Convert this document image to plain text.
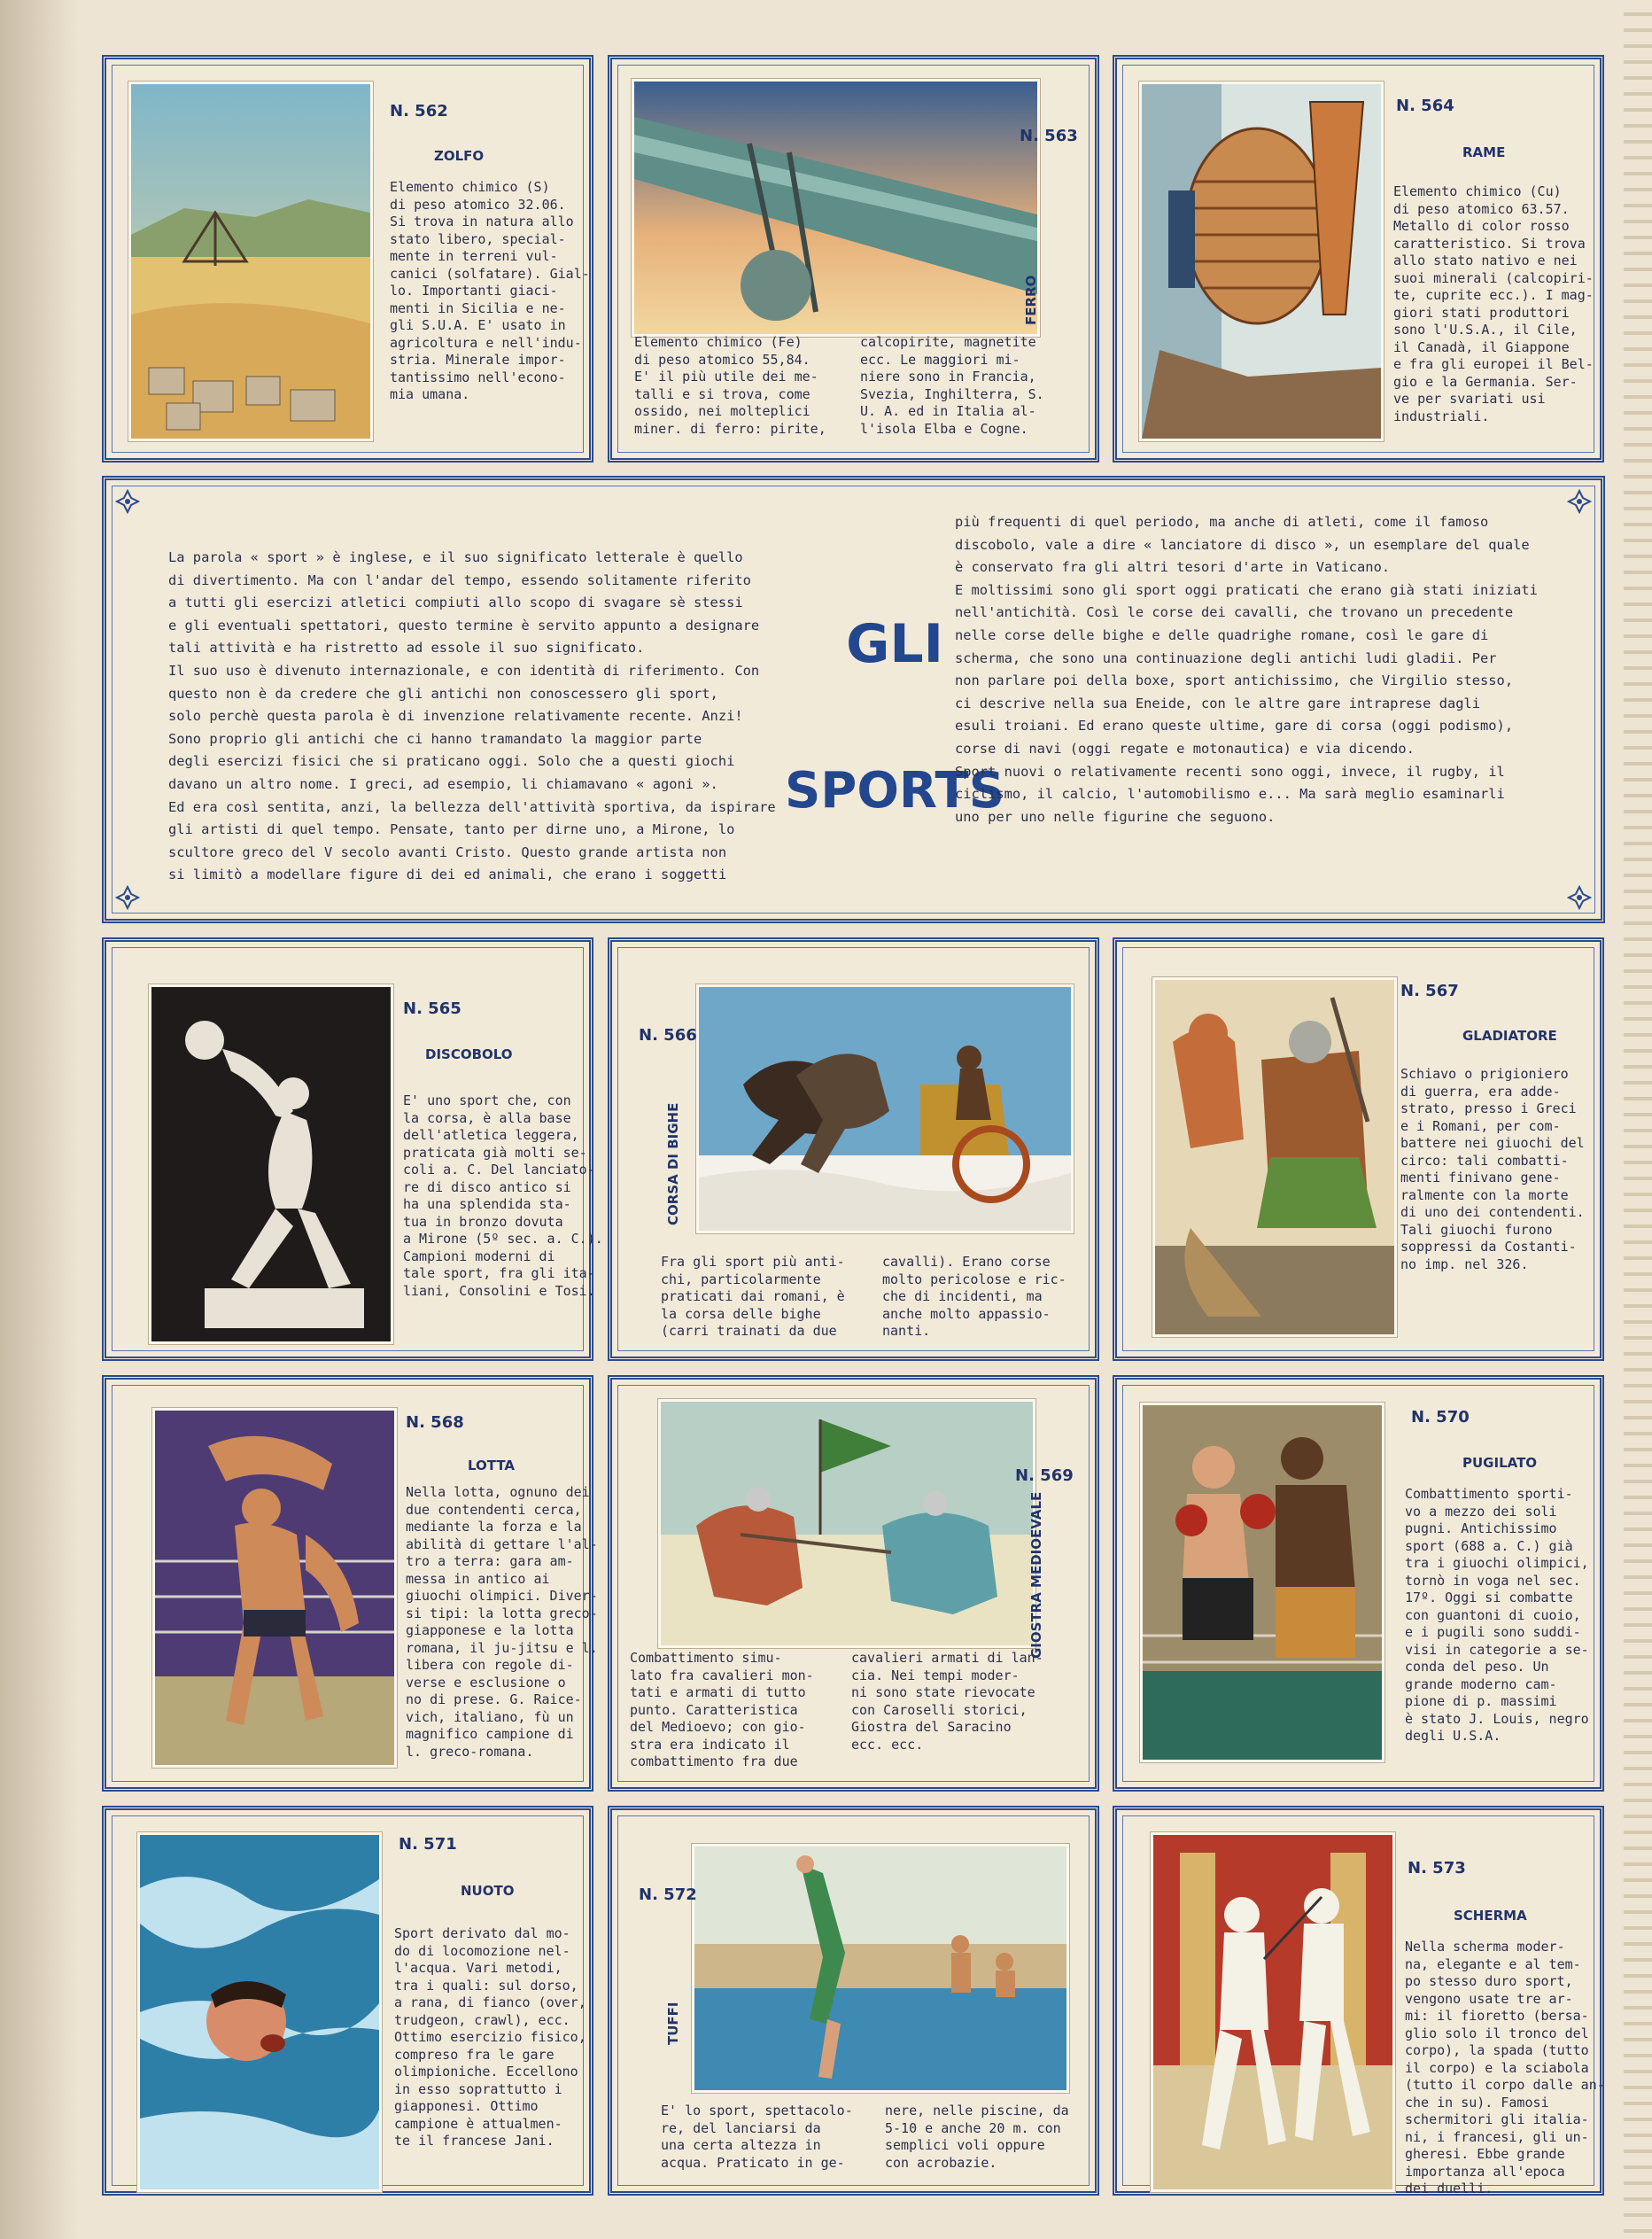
N. 562
ZOLFO
Elemento chimico (S)
di peso atomico 32.06.
Si trova in natura allo
stato libero, special-
mente in terreni vul-
canici (solfatare). Gial-
lo. Importanti giaci-
menti in Sicilia e ne-
gli S.U.A. E' usato in
agricoltura e nell'indu-
stria. Minerale impor-
tantissimo nell'econo-
mia umana.
N. 563
FERRO
Elemento chimico (Fe)
di peso atomico 55,84.
E' il più utile dei me-
talli e si trova, come
ossido, nei molteplici
miner. di ferro: pirite,
calcopirite, magnetite
ecc. Le maggiori mi-
niere sono in Francia,
Svezia, Inghilterra, S.
U. A. ed in Italia al-
l'isola Elba e Cogne.
N. 564
RAME
Elemento chimico (Cu)
di peso atomico 63.57.
Metallo di color rosso
caratteristico. Si trova
allo stato nativo e nei
suoi minerali (calcopiri-
te, cuprite ecc.). I mag-
giori stati produttori
sono l'U.S.A., il Cile,
il Canadà, il Giappone
e fra gli europei il Bel-
gio e la Germania. Ser-
ve per svariati usi
industriali.
La parola « sport » è inglese, e il suo significato letterale è quello
di divertimento. Ma con l'andar del tempo, essendo solitamente riferito
a tutti gli esercizi atletici compiuti allo scopo di svagare sè stessi
e gli eventuali spettatori, questo termine è servito appunto a designare
tali attività e ha ristretto ad essole il suo significato.
Il suo uso è divenuto internazionale, e con identità di riferimento. Con
questo non è da credere che gli antichi non conoscessero gli sport,
solo perchè questa parola è di invenzione relativamente recente. Anzi!
Sono proprio gli antichi che ci hanno tramandato la maggior parte
degli esercizi fisici che si praticano oggi. Solo che a questi giochi
davano un altro nome. I greci, ad esempio, li chiamavano « agoni ».
Ed era così sentita, anzi, la bellezza dell'attività sportiva, da ispirare
gli artisti di quel tempo. Pensate, tanto per dirne uno, a Mirone, lo
scultore greco del V secolo avanti Cristo. Questo grande artista non
si limitò a modellare figure di dei ed animali, che erano i soggetti
GLI
SPORTS
più frequenti di quel periodo, ma anche di atleti, come il famoso
discobolo, vale a dire « lanciatore di disco », un esemplare del quale
è conservato fra gli altri tesori d'arte in Vaticano.
E moltissimi sono gli sport oggi praticati che erano già stati iniziati
nell'antichità. Così le corse dei cavalli, che trovano un precedente
nelle corse delle bighe e delle quadrighe romane, così le gare di
scherma, che sono una continuazione degli antichi ludi gladii. Per
non parlare poi della boxe, sport antichissimo, che Virgilio stesso,
ci descrive nella sua Eneide, con le altre gare intraprese dagli
esuli troiani. Ed erano queste ultime, gare di corsa (oggi podismo),
corse di navi (oggi regate e motonautica) e via dicendo.
Sport nuovi o relativamente recenti sono oggi, invece, il rugby, il
ciclismo, il calcio, l'automobilismo e... Ma sarà meglio esaminarli
uno per uno nelle figurine che seguono.
N. 565
DISCOBOLO
E' uno sport che, con
la corsa, è alla base
dell'atletica leggera,
praticata già molti se-
coli a. C. Del lanciato-
re di disco antico si
ha una splendida sta-
tua in bronzo dovuta
a Mirone (5º sec. a. C.).
Campioni moderni di
tale sport, fra gli ita-
liani, Consolini e Tosi.
N. 566
CORSA DI BIGHE
Fra gli sport più anti-
chi, particolarmente
praticati dai romani, è
la corsa delle bighe
(carri trainati da due
cavalli). Erano corse
molto pericolose e ric-
che di incidenti, ma
anche molto appassio-
nanti.
N. 567
GLADIATORE
Schiavo o prigioniero
di guerra, era adde-
strato, presso i Greci
e i Romani, per com-
battere nei giuochi del
circo: tali combatti-
menti finivano gene-
ralmente con la morte
di uno dei contendenti.
Tali giuochi furono
soppressi da Costanti-
no imp. nel 326.
N. 568
LOTTA
Nella lotta, ognuno dei
due contendenti cerca,
mediante la forza e la
abilità di gettare l'al-
tro a terra: gara am-
messa in antico ai
giuochi olimpici. Diver-
si tipi: la lotta greco-
giapponese e la lotta
romana, il ju-jitsu e l.
libera con regole di-
verse e esclusione o
no di prese. G. Raice-
vich, italiano, fù un
magnifico campione di
l. greco-romana.
N. 569
GIOSTRA MEDIOEVALE
Combattimento simu-
lato fra cavalieri mon-
tati e armati di tutto
punto. Caratteristica
del Medioevo; con gio-
stra era indicato il
combattimento fra due
cavalieri armati di lan-
cia. Nei tempi moder-
ni sono state rievocate
con Caroselli storici,
Giostra del Saracino
ecc. ecc.
N. 570
PUGILATO
Combattimento sporti-
vo a mezzo dei soli
pugni. Antichissimo
sport (688 a. C.) già
tra i giuochi olimpici,
tornò in voga nel sec.
17º. Oggi si combatte
con guantoni di cuoio,
e i pugili sono suddi-
visi in categorie a se-
conda del peso. Un
grande moderno cam-
pione di p. massimi
è stato J. Louis, negro
degli U.S.A.
N. 571
NUOTO
Sport derivato dal mo-
do di locomozione nel-
l'acqua. Vari metodi,
tra i quali: sul dorso,
a rana, di fianco (over,
trudgeon, crawl), ecc.
Ottimo esercizio fisico,
compreso fra le gare
olimpioniche. Eccellono
in esso soprattutto i
giapponesi. Ottimo
campione è attualmen-
te il francese Jani.
N. 572
TUFFI
E' lo sport, spettacolo-
re, del lanciarsi da
una certa altezza in
acqua. Praticato in ge-
nere, nelle piscine, da
5-10 e anche 20 m. con
semplici voli oppure
con acrobazie.
N. 573
SCHERMA
Nella scherma moder-
na, elegante e al tem-
po stesso duro sport,
vengono usate tre ar-
mi: il fioretto (bersa-
glio solo il tronco del
corpo), la spada (tutto
il corpo) e la sciabola
(tutto il corpo dalle an-
che in su). Famosi
schermitori gli italia-
ni, i francesi, gli un-
gheresi. Ebbe grande
importanza all'epoca
dei duelli.
